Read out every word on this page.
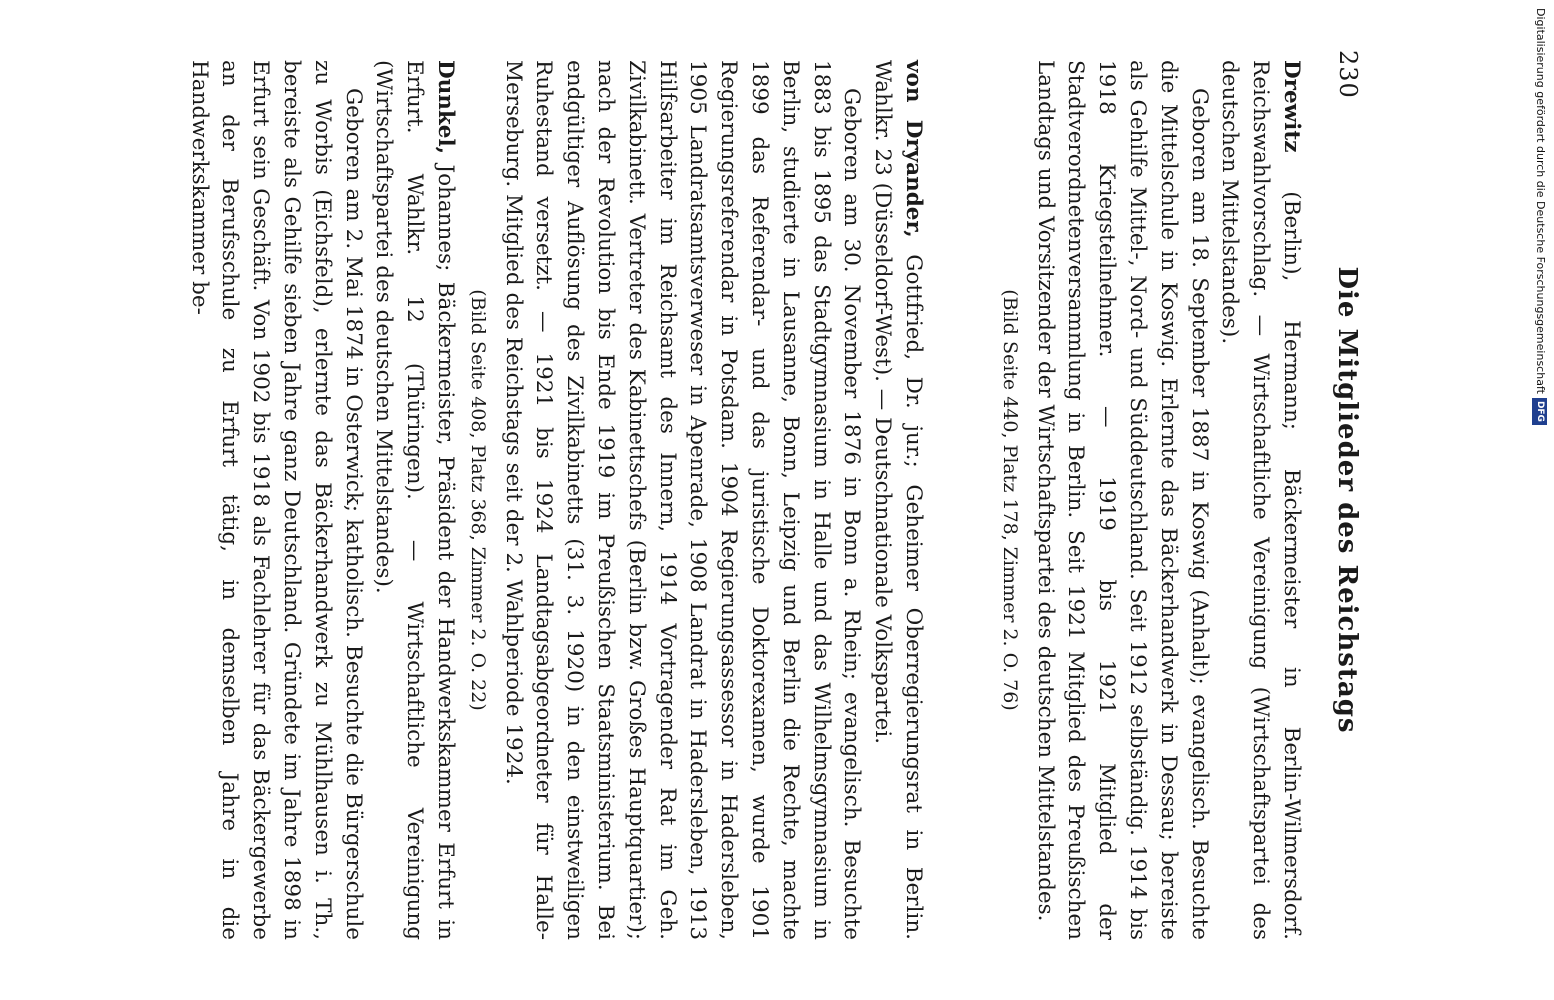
230
Die Mitglieder des Reichstags

Drewitz (Berlin), Hermann; Bäckermeister in Berlin-Wilmersdorf. Reichswahlvorschlag. — Wirtschaftliche Vereinigung (Wirtschaftspartei des deutschen Mittelstandes).

Geboren am 18. September 1887 in Koswig (Anhalt); evangelisch. Besuchte die Mittelschule in Koswig. Erlernte das Bäckerhandwerk in Dessau; bereiste als Gehilfe Mittel-, Nord- und Süddeutschland. Seit 1912 selbständig. 1914 bis 1918 Kriegsteilnehmer. — 1919 bis 1921 Mitglied der Stadtverordnetenversammlung in Berlin. Seit 1921 Mitglied des Preußischen Landtags und Vorsitzender der Wirtschaftspartei des deutschen Mittelstandes.

(Bild Seite 440, Platz 178, Zimmer 2. O. 76)

von Dryander, Gottfried, Dr. jur.; Geheimer Oberregierungsrat in Berlin. Wahlkr. 23 (Düsseldorf-West). — Deutschnationale Volkspartei.

Geboren am 30. November 1876 in Bonn a. Rhein; evangelisch. Besuchte 1883 bis 1895 das Stadtgymnasium in Halle und das Wilhelmsgymnasium in Berlin, studierte in Lausanne, Bonn, Leipzig und Berlin die Rechte, machte 1899 das Referendar- und das juristische Doktorexamen, wurde 1901 Regierungsreferendar in Potsdam. 1904 Regierungsassessor in Hadersleben, 1905 Landratsamtsverweser in Apenrade, 1908 Landrat in Hadersleben, 1913 Hilfsarbeiter im Reichsamt des Innern, 1914 Vortragender Rat im Geh. Zivilkabinett. Vertreter des Kabinettschefs (Berlin bzw. Großes Hauptquartier); nach der Revolution bis Ende 1919 im Preußischen Staatsministerium. Bei endgültiger Auflösung des Zivilkabinetts (31. 3. 1920) in den einstweiligen Ruhestand versetzt. — 1921 bis 1924 Landtagsabgeordneter für Halle-Merseburg. Mitglied des Reichstags seit der 2. Wahlperiode 1924.

(Bild Seite 408, Platz 368, Zimmer 2. O. 22)

Dunkel, Johannes; Bäckermeister, Präsident der Handwerkskammer Erfurt in Erfurt. Wahlkr. 12 (Thüringen). — Wirtschaftliche Vereinigung (Wirtschaftspartei des deutschen Mittelstandes).

Geboren am 2. Mai 1874 in Osterwick; katholisch. Besuchte die Bürgerschule zu Worbis (Eichsfeld), erlernte das Bäckerhandwerk zu Mühlhausen i. Th., bereiste als Gehilfe sieben Jahre ganz Deutschland. Gründete im Jahre 1898 in Erfurt sein Geschäft. Von 1902 bis 1918 als Fachlehrer für das Bäckergewerbe an der Berufsschule zu Erfurt tätig, in demselben Jahre in die Handwerkskammer be-	Digitalisierung gefördert durch die Deutsche Forschungsgemeinschaft
DFG
